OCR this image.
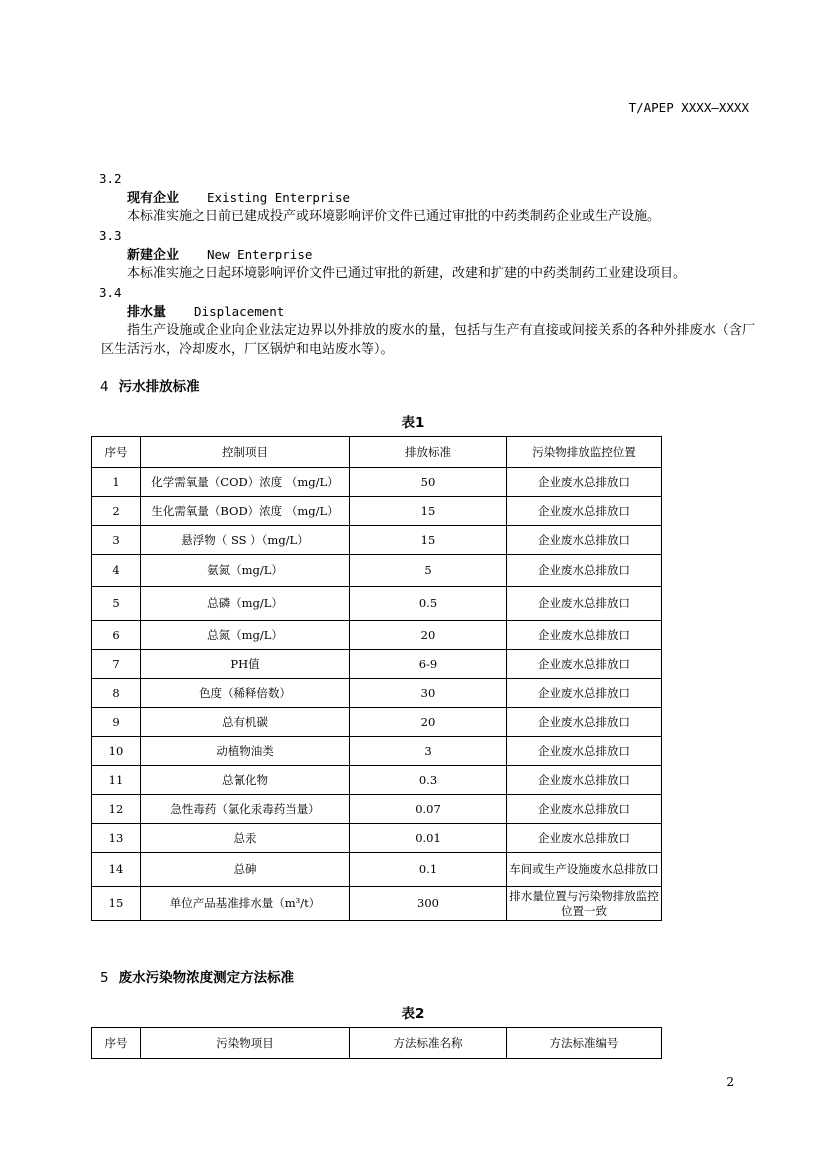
T/APEP XXXX—XXXX
3.2
现有企业 Existing Enterprise
本标准实施之日前已建成投产或环境影响评价文件已通过审批的中药类制药企业或生产设施。
3.3
新建企业 New Enterprise
本标准实施之日起环境影响评价文件已通过审批的新建，改建和扩建的中药类制药工业建设项目。
3.4
排水量 Displacement
指生产设施或企业向企业法定边界以外排放的废水的量，包括与生产有直接或间接关系的各种外排废水（含厂区生活污水，冷却废水，厂区锅炉和电站废水等）。
4 污水排放标准
表1
序号	控制项目	排放标准	污染物排放监控位置
1	化学需氧量（COD）浓度 （mg/L）	50	企业废水总排放口
2	生化需氧量（BOD）浓度 （mg/L）	15	企业废水总排放口
3	悬浮物（ SS ）（mg/L）	15	企业废水总排放口
4	氨氮（mg/L）	5	企业废水总排放口
5	总磷（mg/L）	0.5	企业废水总排放口
6	总氮（mg/L）	20	企业废水总排放口
7	PH值	6-9	企业废水总排放口
8	色度（稀释倍数）	30	企业废水总排放口
9	总有机碳	20	企业废水总排放口
10	动植物油类	3	企业废水总排放口
11	总氰化物	0.3	企业废水总排放口
12	急性毒药（氯化汞毒药当量）	0.07	企业废水总排放口
13	总汞	0.01	企业废水总排放口
14	总砷	0.1	车间或生产设施废水总排放口
15	单位产品基准排水量（m³/t）	300	排水量位置与污染物排放监控位置一致
5 废水污染物浓度测定方法标准
表2
序号	污染物项目	方法标准名称	方法标准编号
2
